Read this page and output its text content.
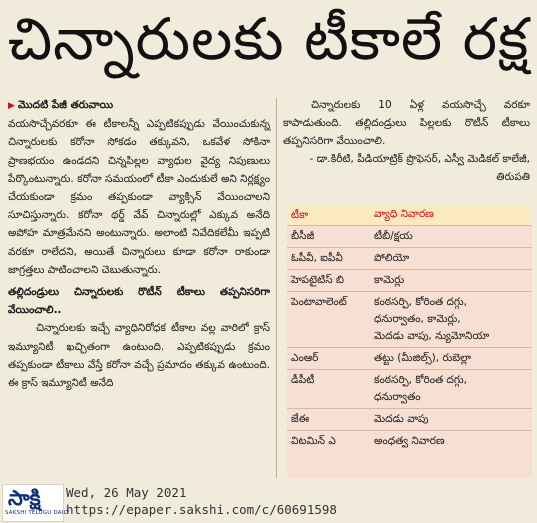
చిన్నారులకు టీకాలే రక్ష
▶ మొదటి పేజీ తరువాయి
వయసొచ్చేవరకూ ఈ టీకాలన్నీ ఎప్పటికప్పుడు వేయించుకున్న చిన్నారులకు కరోనా సోకడం తక్కువని, ఒకవేళ సోకినా ప్రాణభయం ఉండదని చిన్నపిల్లల వ్యాధుల వైద్య నిపుణులు పేర్కొంటున్నారు. కరోనా సమయంలో టీకా ఎందుకులే అని నిర్లక్ష్యం చేయకుండా క్రమం తప్పకుండా వ్యాక్సిన్ వేయించాలని సూచిస్తున్నారు. కరోనా థర్డ్ వేవ్ చిన్నారుల్లో ఎక్కువ అనేది అపోహ మాత్రమేనని అంటున్నారు. అలాంటి నివేదికలేమీ ఇప్పటి వరకూ రాలేదని, అయితే చిన్నారులు కూడా కరోనా రాకుండా జాగ్రత్తలు పాటించాలని చెబుతున్నారు.
తల్లిదండ్రులు చిన్నారులకు రొటీన్ టీకాలు తప్పనిసరిగా వేయించాలి..
చిన్నారులకు ఇచ్చే వ్యాధినిరోధక టీకాల వల్ల వారిలో క్రాస్ ఇమ్యూనిటీ ఖచ్చితంగా ఉంటుంది. ఎప్పటికప్పుడు క్రమం తప్పకుండా టీకాలు వేస్తే కరోనా వచ్చే ప్రమాదం తక్కువ ఉంటుంది. ఈ క్రాస్ ఇమ్యూనిటీ అనేది
చిన్నారులకు 10 ఏళ్ల వయసొచ్చే వరకూ కాపాడుతుంది. తల్లిదండ్రులు పిల్లలకు రొటీన్ టీకాలు తప్పనిసరిగా వేయించాలి.
- డా.కిరీటి, పీడియాట్రిక్ ప్రొఫెసర్, ఎస్వీ మెడికల్ కాలేజీ, తిరుపతి
టీకా	వ్యాధి నివారణ
బీసీజీ	టీబీ/క్షయ
ఓపీవీ, ఐపీవీ	పోలియో
హెపటైటిస్ బి	కామెర్లు
పెంటావాలెంట్	కంఠసర్పి, కోరింత దగ్గు,
ధనుర్వాతం, కామెర్లు,
మెదడు వాపు, న్యుమోనియా
ఎంఆర్	తట్టు (మీజిల్స్), రుబెల్లా
డీపీటీ	కంఠసర్పి, కోరింత దగ్గు,
ధనుర్వాతం
జేఈ	మెదడు వాపు
విటమిన్ ఎ	అంధత్వ నివారణ
సాక్షి
SAKSHI TELUGU DAILY
Wed, 26 May 2021
https://epaper.sakshi.com/c/60691598
